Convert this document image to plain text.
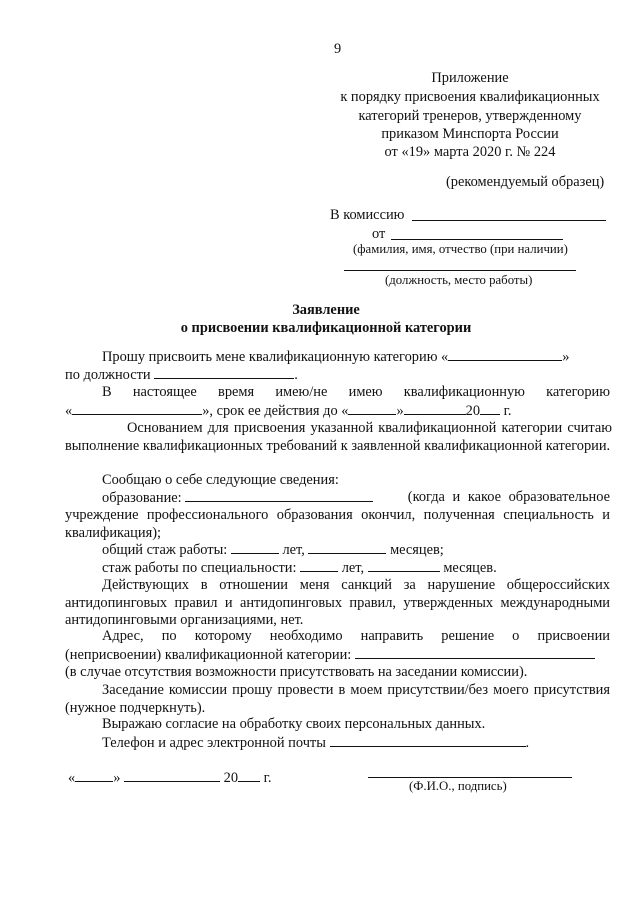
9
Приложение
к порядку присвоения квалификационных
категорий тренеров, утвержденному
приказом Минспорта России
от «19» марта 2020 г. № 224
(рекомендуемый образец)
В комиссию
от
(фамилия, имя, отчество (при наличии)
(должность, место работы)
Заявление
о присвоении квалификационной категории
Прошу присвоить мене квалификационную категорию «	»
по должности	.
В настоящее время имею/не имею квалификационную категорию
«	», срок ее действия до «	»	20 г.
Основанием для присвоения указанной квалификационной категории считаю выполнение квалификационных требований к заявленной квалификационной категории.
Сообщаю о себе следующие сведения:
образование:	(когда и какое образовательное
учреждение профессионального образования окончил, полученная специальность и квалификация);
общий стаж работы:	лет,	месяцев;
стаж работы по специальности:	лет,	месяцев.
Действующих в отношении меня санкций за нарушение общероссийских антидопинговых правил и антидопинговых правил, утвержденных международными антидопинговыми организациями, нет.
Адрес, по которому необходимо направить решение о присвоении
(неприсвоении) квалификационной категории:
(в случае отсутствия возможности присутствовать на заседании комиссии).
Заседание комиссии прошу провести в моем присутствии/без моего присутствия (нужное подчеркнуть).
Выражаю согласие на обработку своих персональных данных.
Телефон и адрес электронной почты	.
«	»	20 г.	(Ф.И.О., подпись)
